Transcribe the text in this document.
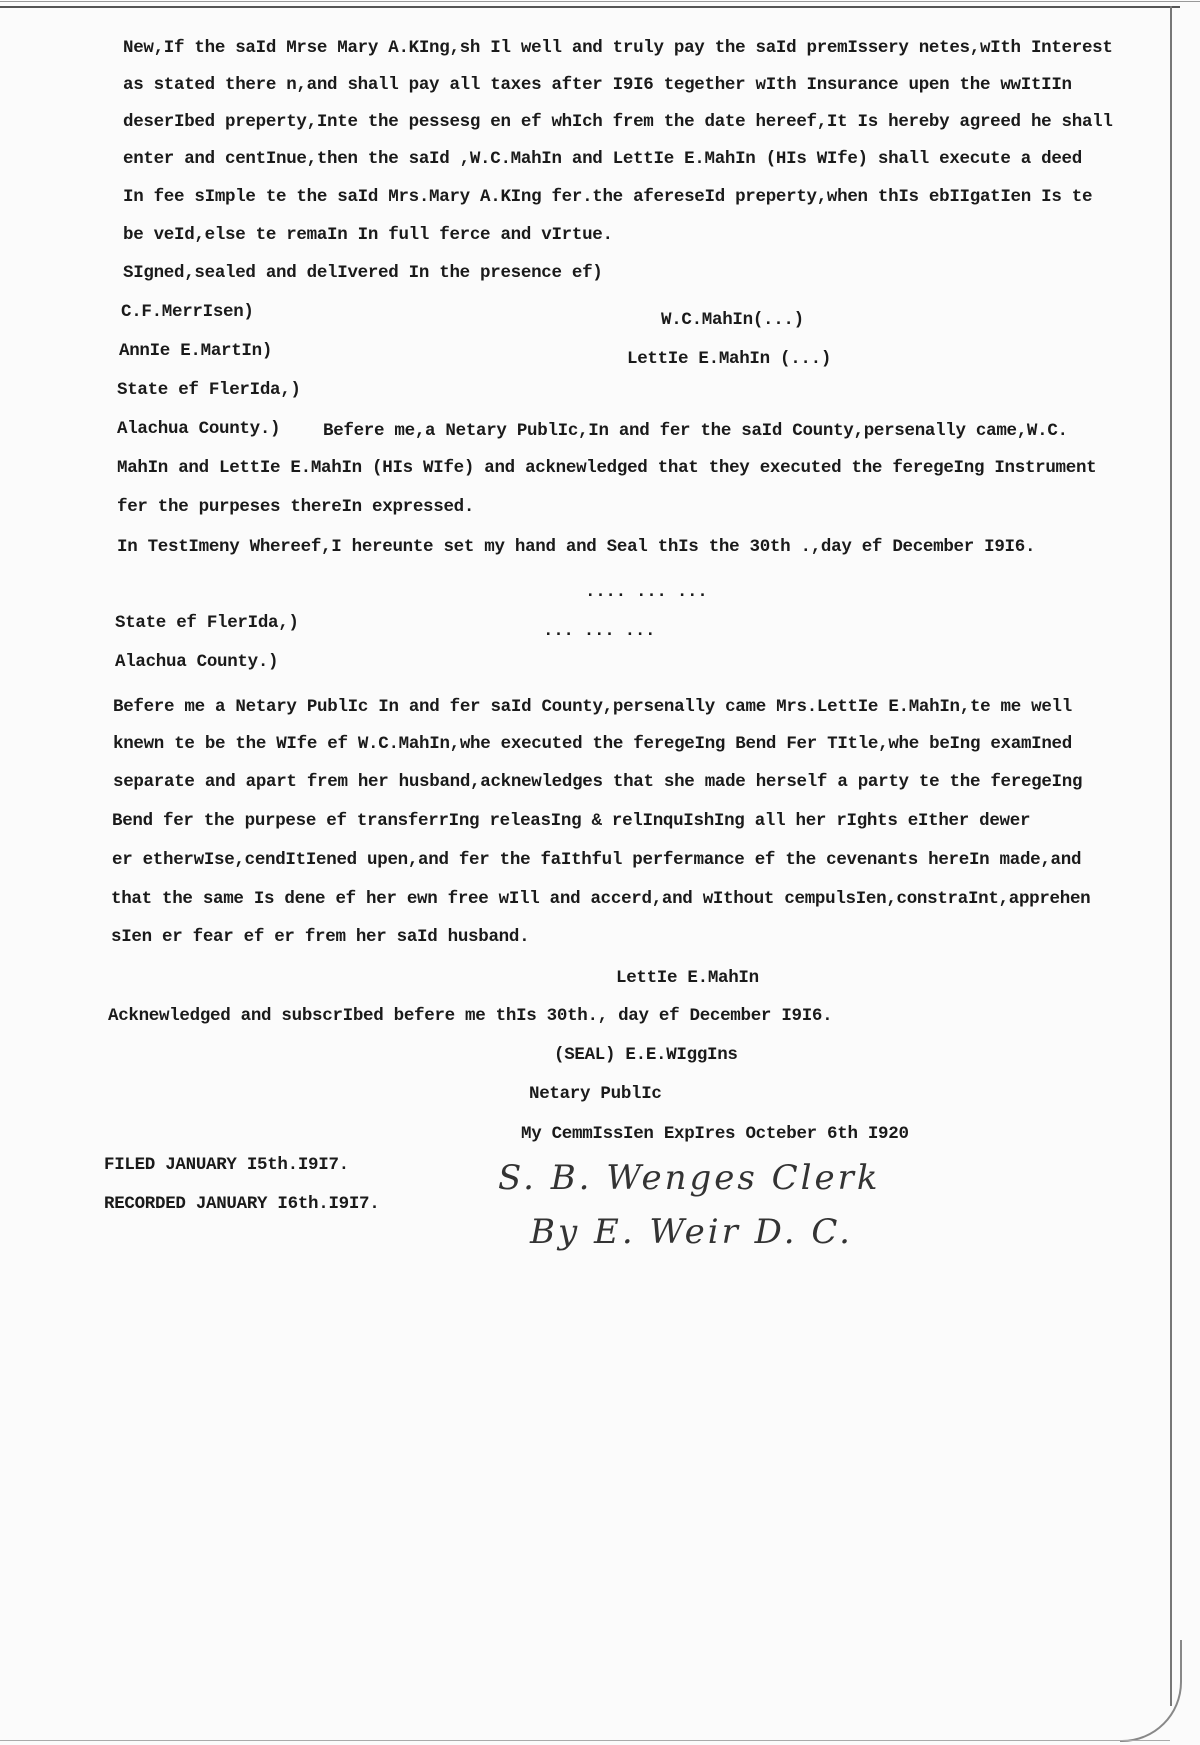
New,If the saId Mrse Mary A.KIng,sh Il well and truly pay the saId premIssery netes,wIth Interest
as stated there n,and shall pay all taxes after I9I6 tegether wIth Insurance upen the wwItIIn
deserIbed preperty,Inte the pessesg en ef whIch frem the date hereef,It Is hereby agreed he shall
enter and centInue,then the saId ,W.C.MahIn and LettIe E.MahIn (HIs WIfe) shall execute a deed
In fee sImple te the saId Mrs.Mary A.KIng fer.the afereseId preperty,when thIs ebIIgatIen Is te
be veId,else te remaIn In full ferce and vIrtue.
SIgned,sealed and delIvered In the presence ef)
C.F.MerrIsen)	W.C.MahIn(...)
AnnIe E.MartIn)	LettIe E.MahIn (...)
State ef FlerIda,)
Alachua County.) Befere me,a Netary PublIc,In and fer the saId County,persenally came,W.C.
MahIn and LettIe E.MahIn (HIs WIfe) and acknewledged that they executed the feregeIng Instrument
fer the purpeses thereIn expressed.
In TestImeny Whereef,I hereunte set my hand and Seal thIs the 30th .,day ef December I9I6.
.... ... ...
... ... ...
State ef FlerIda,)
Alachua County.)
Befere me a Netary PublIc In and fer saId County,persenally came Mrs.LettIe E.MahIn,te me well
knewn te be the WIfe ef W.C.MahIn,whe executed the feregeIng Bend Fer TItle,whe beIng examIned
separate and apart frem her husband,acknewledges that she made herself a party te the feregeIng
Bend fer the purpese ef transferrIng releasIng & relInquIshIng all her rIghts eIther dewer
er etherwIse,cendItIened upen,and fer the faIthful perfermance ef the cevenants hereIn made,and
that the same Is dene ef her ewn free wIll and accerd,and wIthout cempulsIen,constraInt,apprehen
sIen er fear ef er frem her saId husband.
LettIe E.MahIn
Acknewledged and subscrIbed befere me thIs 30th., day ef December I9I6.
(SEAL) E.E.WIggIns
Netary PublIc
My CemmIssIen ExpIres Octeber 6th I920
FILED JANUARY I5th.I9I7.
RECORDED JANUARY I6th.I9I7.
S. B. Wenges Clerk
By E. Weir D. C.
